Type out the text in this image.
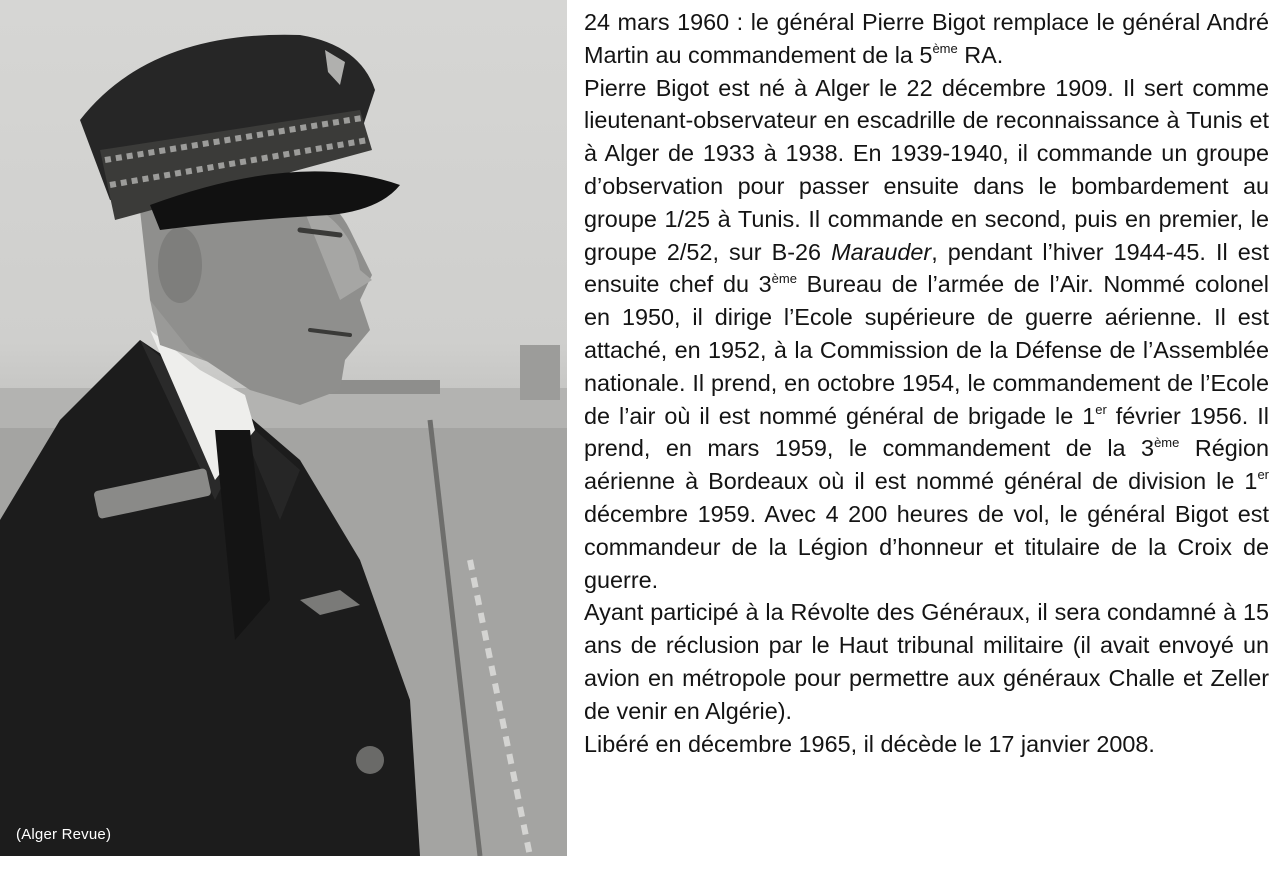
(Alger Revue)

24 mars 1960 : le général Pierre Bigot remplace le général André Martin au commandement de la 5ème RA.

Pierre Bigot est né à Alger le 22 décembre 1909. Il sert comme lieutenant-observateur en escadrille de reconnaissance à Tunis et à Alger de 1933 à 1938. En 1939-1940, il commande un groupe d’observation pour passer ensuite dans le bombardement au groupe 1/25 à Tunis. Il commande en second, puis en premier, le groupe 2/52, sur B-26 Marauder, pendant l’hiver 1944-45. Il est ensuite chef du 3ème Bureau de l’armée de l’Air. Nommé colonel en 1950, il dirige l’Ecole supérieure de guerre aérienne. Il est attaché, en 1952, à la Commission de la Défense de l’Assemblée nationale. Il prend, en octobre 1954, le commandement de l’Ecole de l’air où il est nommé général de brigade le 1er février 1956. Il prend, en mars 1959, le commandement de la 3ème Région aérienne à Bordeaux où il est nommé général de division le 1er décembre 1959. Avec 4 200 heures de vol, le général Bigot est commandeur de la Légion d’honneur et titulaire de la Croix de guerre.

Ayant participé à la Révolte des Généraux, il sera condamné à 15 ans de réclusion par le Haut tribunal militaire (il avait envoyé un avion en métropole pour permettre aux généraux Challe et Zeller de venir en Algérie).

Libéré en décembre 1965, il décède le 17 janvier 2008.
